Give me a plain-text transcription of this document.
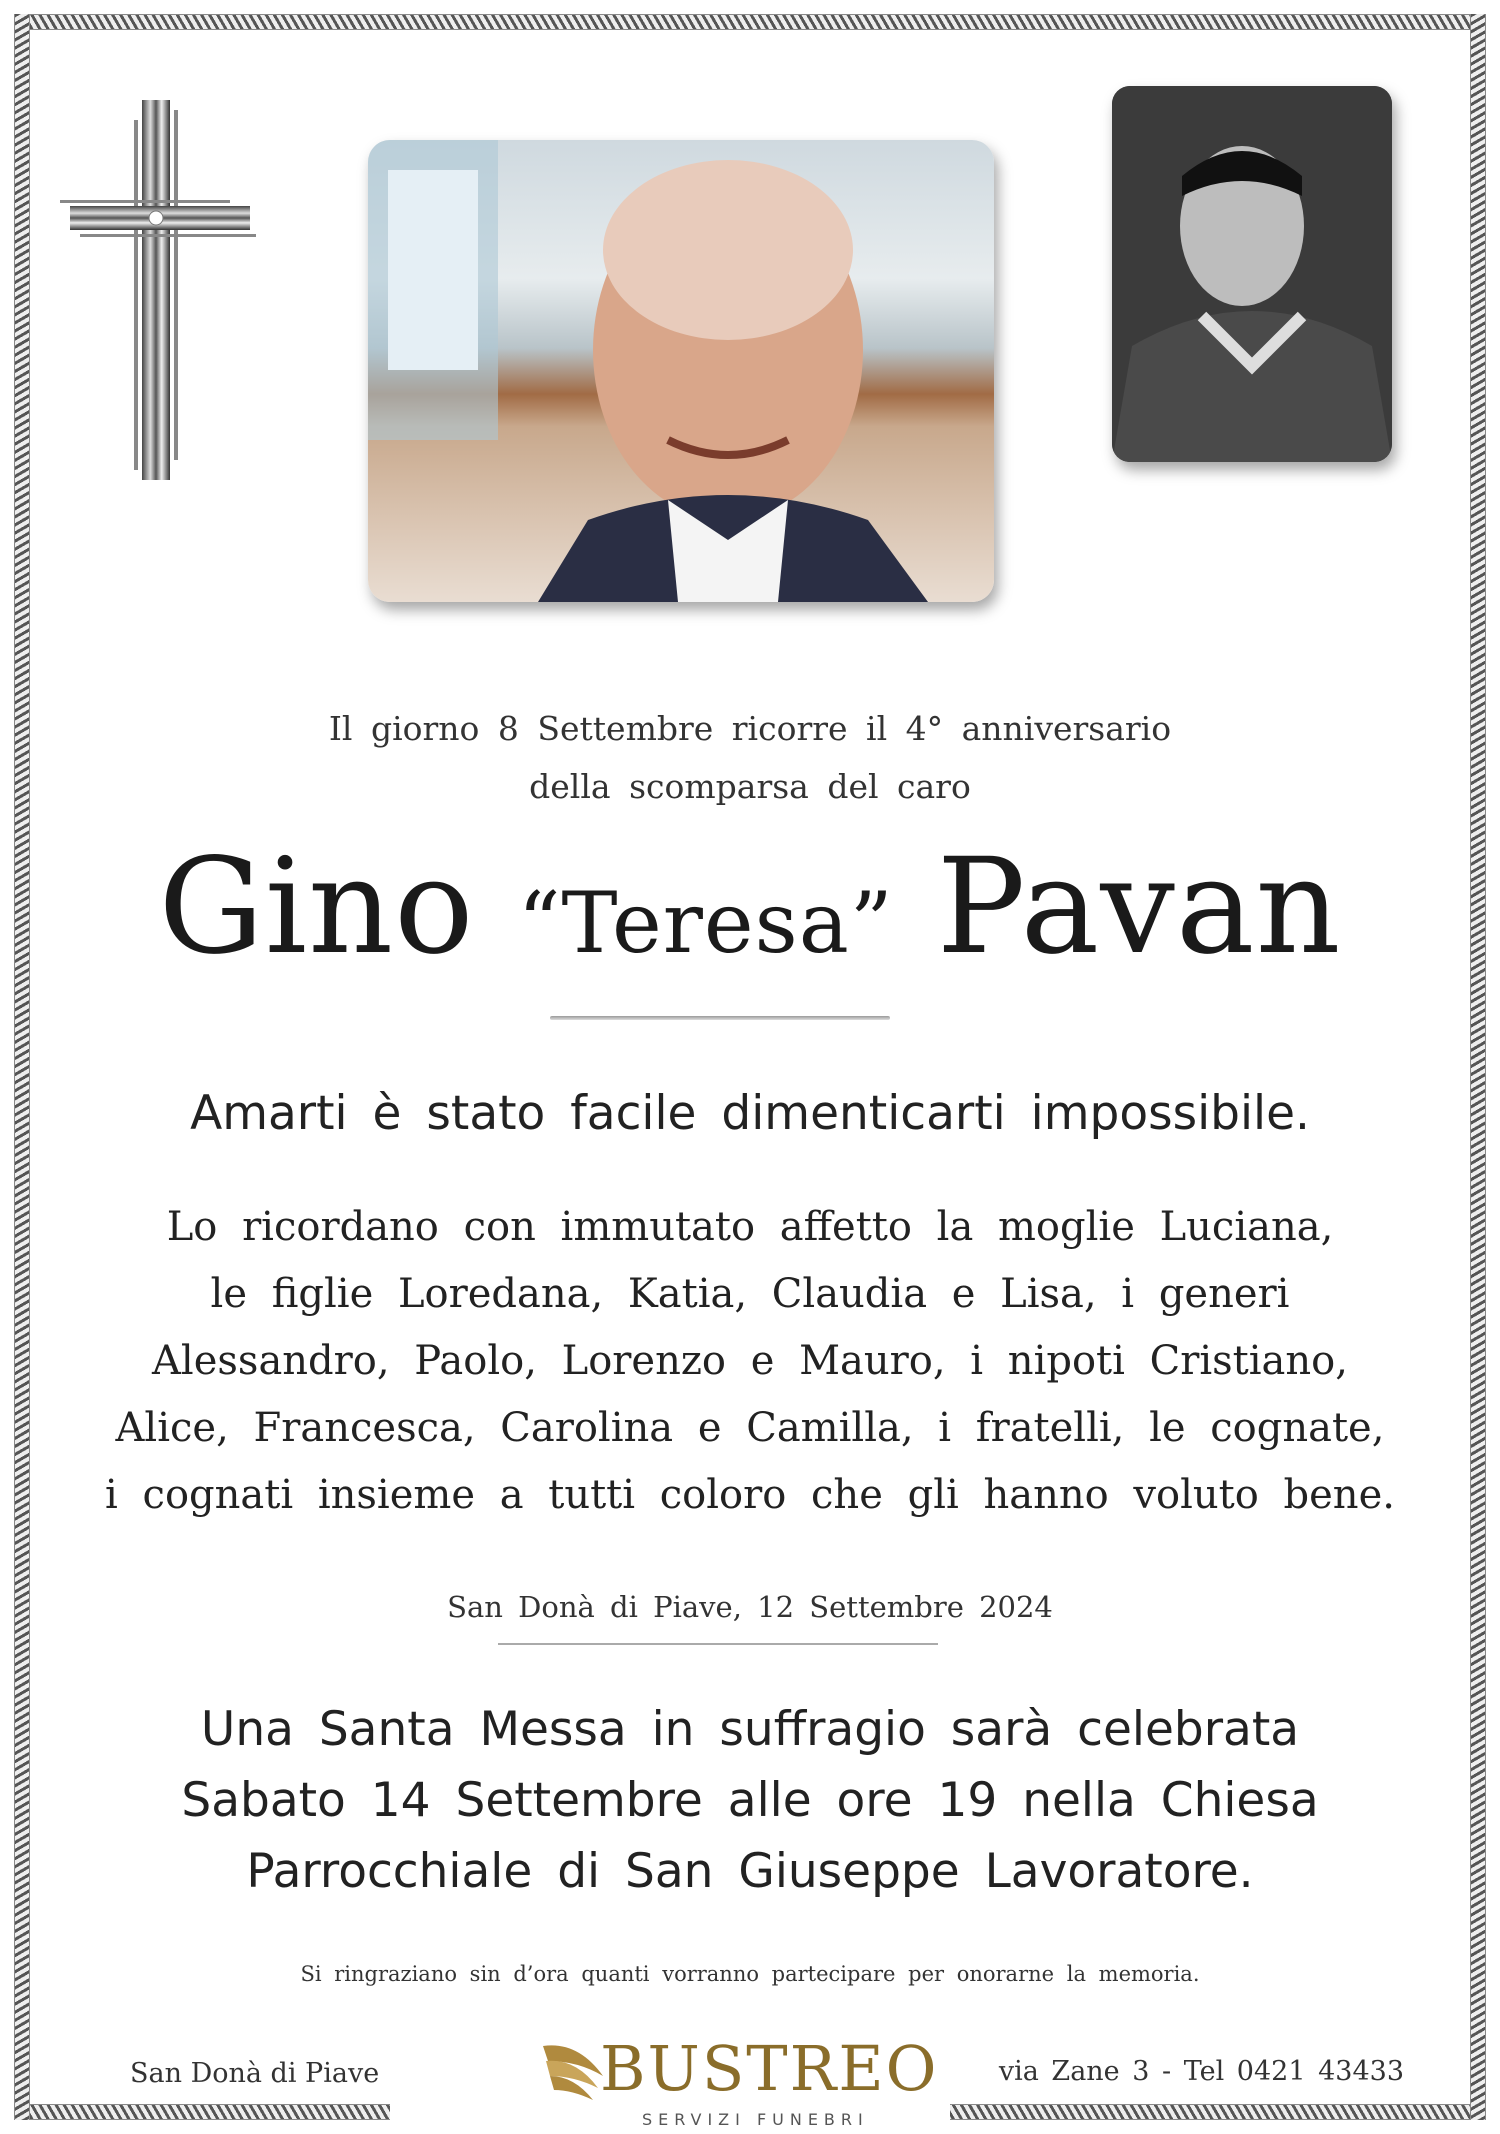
Il giorno 8 Settembre ricorre il 4° anniversario
della scomparsa del caro
Gino “Teresa” Pavan
Amarti è stato facile dimenticarti impossibile.
Lo ricordano con immutato affetto la moglie Luciana,
le figlie Loredana, Katia, Claudia e Lisa, i generi
Alessandro, Paolo, Lorenzo e Mauro, i nipoti Cristiano,
Alice, Francesca, Carolina e Camilla, i fratelli, le cognate,
i cognati insieme a tutti coloro che gli hanno voluto bene.
San Donà di Piave, 12 Settembre 2024
Una Santa Messa in suffragio sarà celebrata
Sabato 14 Settembre alle ore 19 nella Chiesa
Parrocchiale di San Giuseppe Lavoratore.
Si ringraziano sin d’ora quanti vorranno partecipare per onorarne la memoria.
San Donà di Piave	BUSTREO
SERVIZI FUNEBRI
via Zane 3 - Tel 0421 43433
